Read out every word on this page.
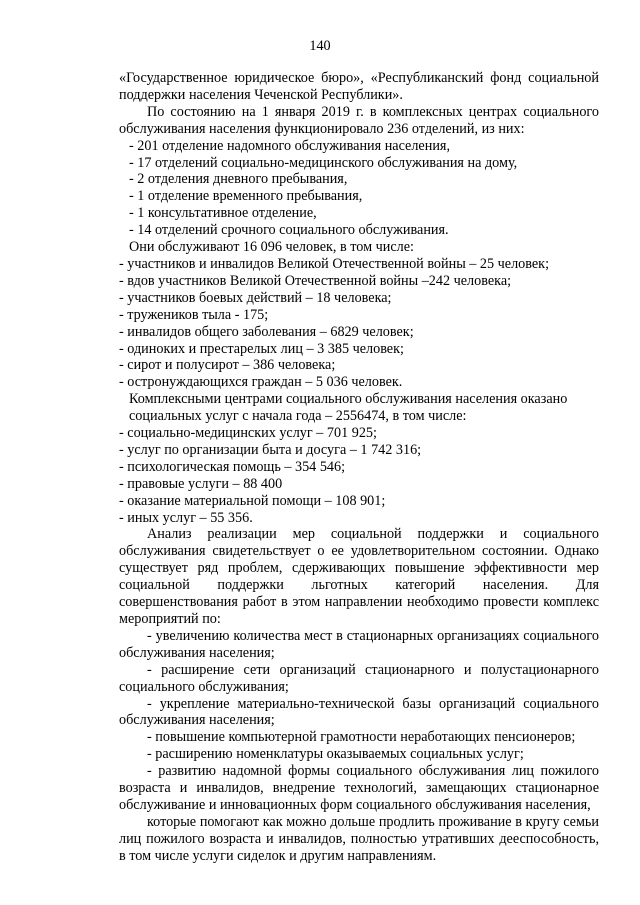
140

«Государственное юридическое бюро», «Республиканский фонд социальной поддержки населения Чеченской Республики».

По состоянию на 1 января 2019 г. в комплексных центрах социального обслуживания населения функционировало 236 отделений, из них:

- 201 отделение надомного обслуживания населения,

- 17 отделений социально-медицинского обслуживания на дому,

- 2 отделения дневного пребывания,

- 1 отделение временного пребывания,

- 1 консультативное отделение,

- 14 отделений срочного социального обслуживания.

Они обслуживают 16 096 человек, в том числе:

- участников и инвалидов Великой Отечественной войны – 25 человек;

- вдов участников Великой Отечественной войны –242 человека;

- участников боевых действий – 18 человека;

- тружеников тыла - 175;

- инвалидов общего заболевания – 6829 человек;

- одиноких и престарелых лиц – 3 385 человек;

- сирот и полусирот – 386 человека;

- остронуждающихся граждан – 5 036 человек.

Комплексными центрами социального обслуживания населения оказано социальных услуг с начала года – 2556474, в том числе:

- социально-медицинских услуг – 701 925;

- услуг по организации быта и досуга – 1 742 316;

- психологическая помощь – 354 546;

- правовые услуги – 88 400

- оказание материальной помощи – 108 901;

- иных услуг – 55 356.

Анализ реализации мер социальной поддержки и социального обслуживания свидетельствует о ее удовлетворительном состоянии. Однако существует ряд проблем, сдерживающих повышение эффективности мер социальной поддержки льготных категорий населения. Для совершенствования работ в этом направлении необходимо провести комплекс мероприятий по:

- увеличению количества мест в стационарных организациях социального обслуживания населения;

- расширение сети организаций стационарного и полустационарного социального обслуживания;

- укрепление материально-технической базы организаций социального обслуживания населения;

- повышение компьютерной грамотности неработающих пенсионеров;

- расширению номенклатуры оказываемых социальных услуг;

- развитию надомной формы социального обслуживания лиц пожилого возраста и инвалидов, внедрение технологий, замещающих стационарное обслуживание и инновационных форм социального обслуживания населения,

которые помогают как можно дольше продлить проживание в кругу семьи лиц пожилого возраста и инвалидов, полностью утративших дееспособность, в том числе услуги сиделок и другим направлениям.
